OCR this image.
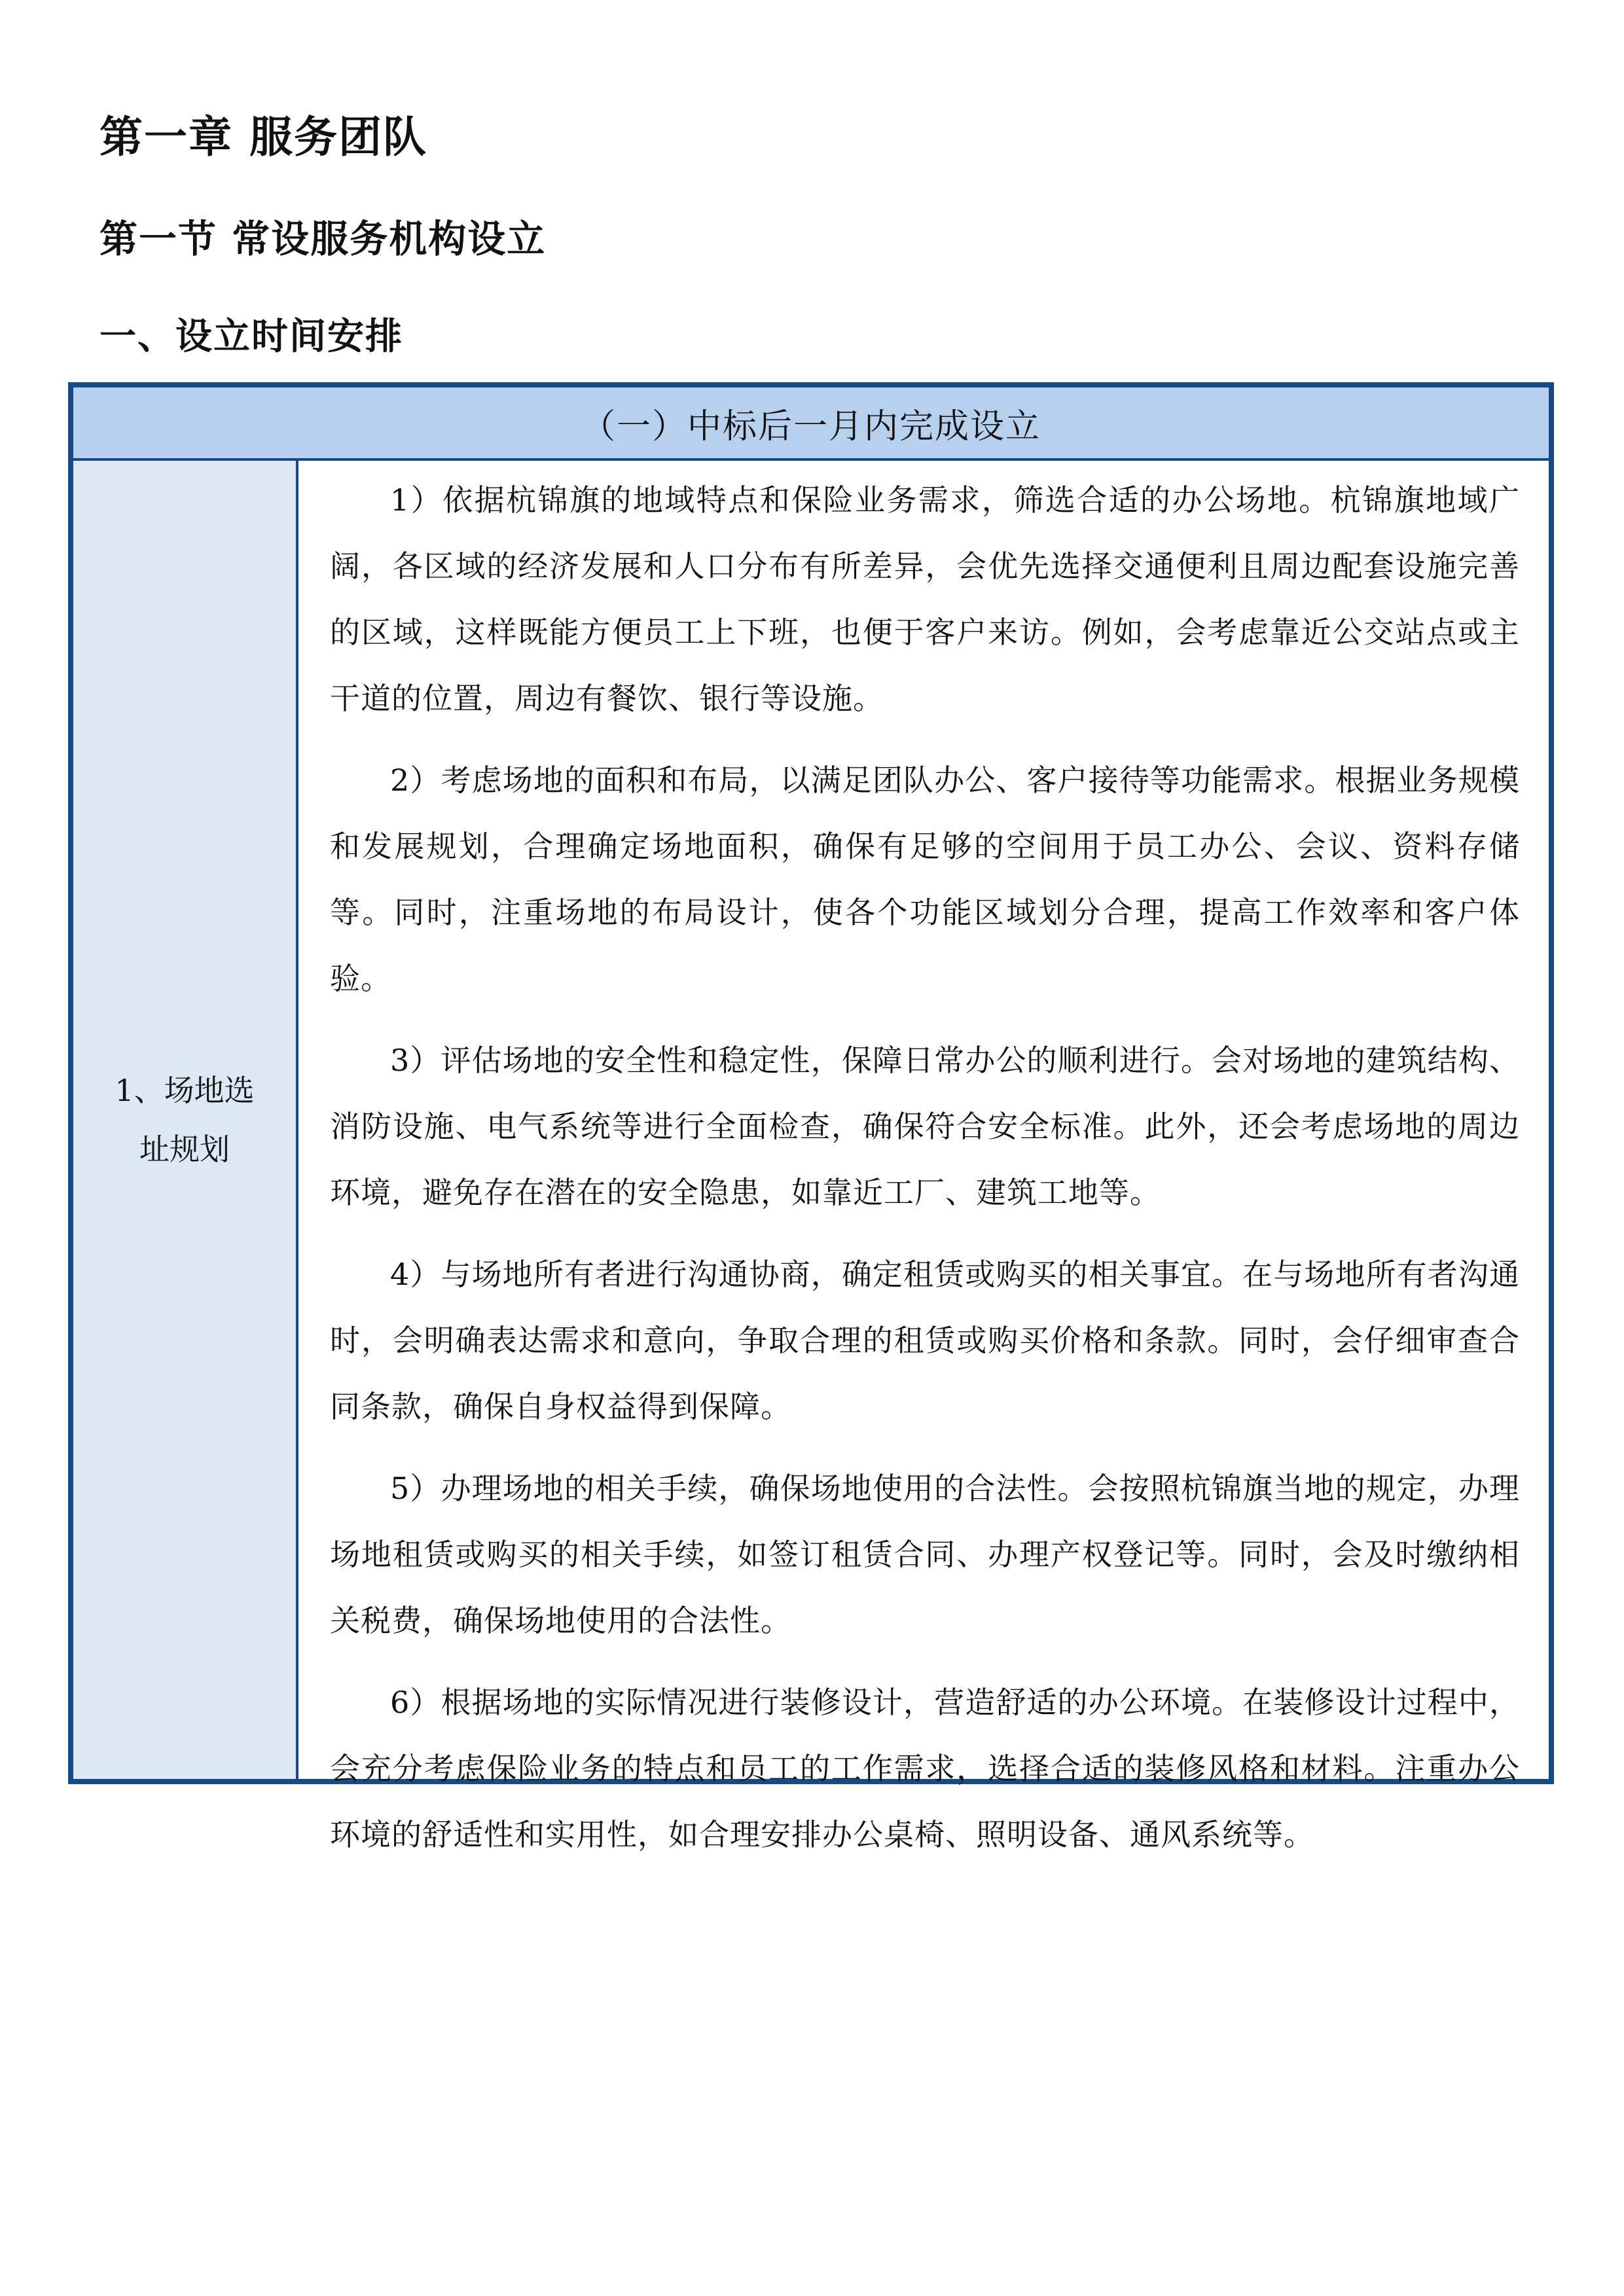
第一章 服务团队
第一节 常设服务机构设立
一、设立时间安排
（一）中标后一月内完成设立
1、场地选址规划

1）依据杭锦旗的地域特点和保险业务需求，筛选合适的办公场地。杭锦旗地域广阔，各区域的经济发展和人口分布有所差异，会优先选择交通便利且周边配套设施完善的区域，这样既能方便员工上下班，也便于客户来访。例如，会考虑靠近公交站点或主干道的位置，周边有餐饮、银行等设施。

2）考虑场地的面积和布局，以满足团队办公、客户接待等功能需求。根据业务规模和发展规划，合理确定场地面积，确保有足够的空间用于员工办公、会议、资料存储等。同时，注重场地的布局设计，使各个功能区域划分合理，提高工作效率和客户体验。

3）评估场地的安全性和稳定性，保障日常办公的顺利进行。会对场地的建筑结构、消防设施、电气系统等进行全面检查，确保符合安全标准。此外，还会考虑场地的周边环境，避免存在潜在的安全隐患，如靠近工厂、建筑工地等。

4）与场地所有者进行沟通协商，确定租赁或购买的相关事宜。在与场地所有者沟通时，会明确表达需求和意向，争取合理的租赁或购买价格和条款。同时，会仔细审查合同条款，确保自身权益得到保障。

5）办理场地的相关手续，确保场地使用的合法性。会按照杭锦旗当地的规定，办理场地租赁或购买的相关手续，如签订租赁合同、办理产权登记等。同时，会及时缴纳相关税费，确保场地使用的合法性。

6）根据场地的实际情况进行装修设计，营造舒适的办公环境。在装修设计过程中，会充分考虑保险业务的特点和员工的工作需求，选择合适的装修风格和材料。注重办公环境的舒适性和实用性，如合理安排办公桌椅、照明设备、通风系统等。
